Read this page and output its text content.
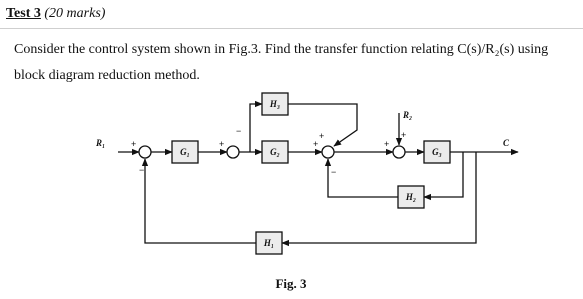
Test 3 (20 marks)
Consider the control system shown in Fig.3. Find the transfer function relating C(s)/R₂(s) using block diagram reduction method.
G₁	G₂	G₃
H₃
H₂
H₁
R₁
R₂
C
+
−
+
−
+
+
−
+
+
Fig. 3
